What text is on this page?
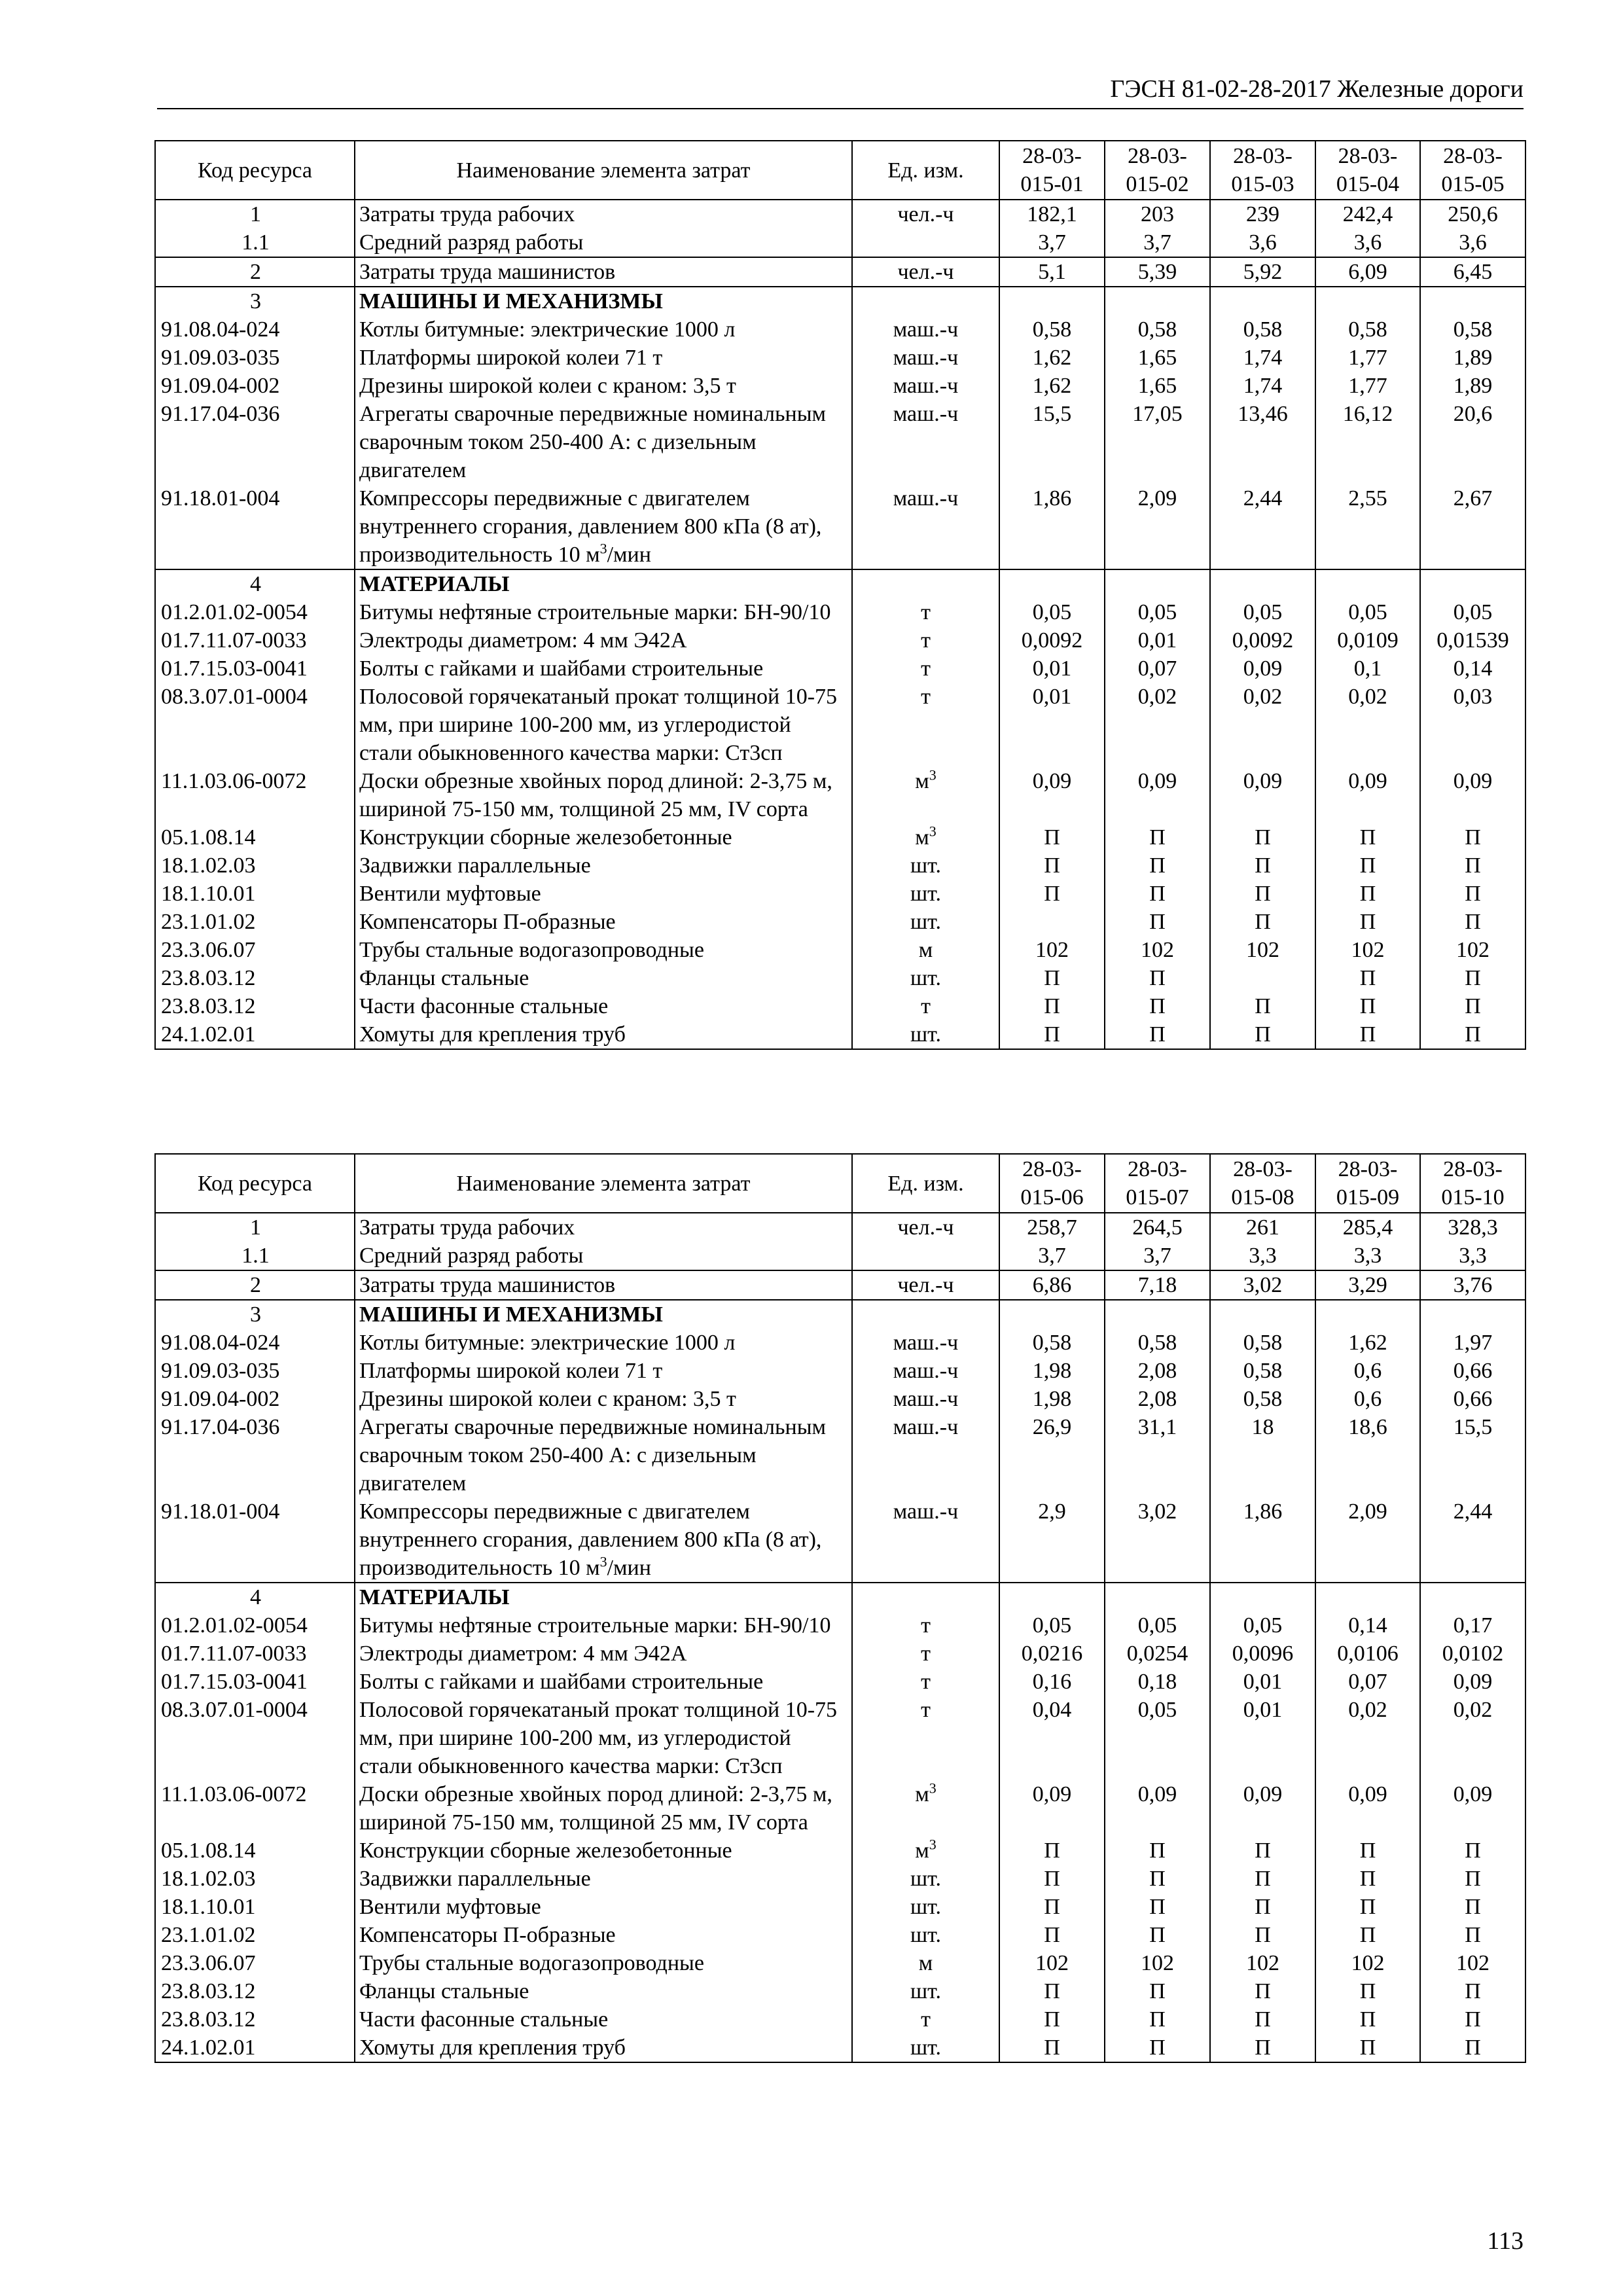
ГЭСН 81-02-28-2017 Железные дороги
Код ресурса	Наименование элемента затрат	Ед. изм.	28-03-015-01	28-03-015-02	28-03-015-03	28-03-015-04	28-03-015-05
1	Затраты труда рабочих	чел.-ч	182,1	203	239	242,4	250,6
1.1	Средний разряд работы		3,7	3,7	3,6	3,6	3,6
2	Затраты труда машинистов	чел.-ч	5,1	5,39	5,92	6,09	6,45
3	МАШИНЫ И МЕХАНИЗМЫ						
91.08.04-024	Котлы битумные: электрические 1000 л	маш.-ч	0,58	0,58	0,58	0,58	0,58
91.09.03-035	Платформы широкой колеи 71 т	маш.-ч	1,62	1,65	1,74	1,77	1,89
91.09.04-002	Дрезины широкой колеи с краном: 3,5 т	маш.-ч	1,62	1,65	1,74	1,77	1,89
91.17.04-036	Агрегаты сварочные передвижные номинальным сварочным током 250-400 А: с дизельным двигателем	маш.-ч	15,5	17,05	13,46	16,12	20,6
91.18.01-004	Компрессоры передвижные с двигателем внутреннего сгорания, давлением 800 кПа (8 ат), производительность 10 $м^3$/мин	маш.-ч	1,86	2,09	2,44	2,55	2,67
4	МАТЕРИАЛЫ						
01.2.01.02-0054	Битумы нефтяные строительные марки: БН-90/10	т	0,05	0,05	0,05	0,05	0,05
01.7.11.07-0033	Электроды диаметром: 4 мм Э42А	т	0,0092	0,01	0,0092	0,0109	0,01539
01.7.15.03-0041	Болты с гайками и шайбами строительные	т	0,01	0,07	0,09	0,1	0,14
08.3.07.01-0004	Полосовой горячекатаный прокат толщиной 10-75 мм, при ширине 100-200 мм, из углеродистой стали обыкновенного качества марки: Ст3сп	т	0,01	0,02	0,02	0,02	0,03
11.1.03.06-0072	Доски обрезные хвойных пород длиной: 2-3,75 м, шириной 75-150 мм, толщиной 25 мм, IV сорта	$м^3$	0,09	0,09	0,09	0,09	0,09
05.1.08.14	Конструкции сборные железобетонные	$м^3$	П	П	П	П	П
18.1.02.03	Задвижки параллельные	шт.	П	П	П	П	П
18.1.10.01	Вентили муфтовые	шт.	П	П	П	П	П
23.1.01.02	Компенсаторы П-образные	шт.		П	П	П	П
23.3.06.07	Трубы стальные водогазопроводные	м	102	102	102	102	102
23.8.03.12	Фланцы стальные	шт.	П	П		П	П
23.8.03.12	Части фасонные стальные	т	П	П	П	П	П
24.1.02.01	Хомуты для крепления труб	шт.	П	П	П	П	П
Код ресурса	Наименование элемента затрат	Ед. изм.	28-03-015-06	28-03-015-07	28-03-015-08	28-03-015-09	28-03-015-10
1	Затраты труда рабочих	чел.-ч	258,7	264,5	261	285,4	328,3
1.1	Средний разряд работы		3,7	3,7	3,3	3,3	3,3
2	Затраты труда машинистов	чел.-ч	6,86	7,18	3,02	3,29	3,76
3	МАШИНЫ И МЕХАНИЗМЫ						
91.08.04-024	Котлы битумные: электрические 1000 л	маш.-ч	0,58	0,58	0,58	1,62	1,97
91.09.03-035	Платформы широкой колеи 71 т	маш.-ч	1,98	2,08	0,58	0,6	0,66
91.09.04-002	Дрезины широкой колеи с краном: 3,5 т	маш.-ч	1,98	2,08	0,58	0,6	0,66
91.17.04-036	Агрегаты сварочные передвижные номинальным сварочным током 250-400 А: с дизельным двигателем	маш.-ч	26,9	31,1	18	18,6	15,5
91.18.01-004	Компрессоры передвижные с двигателем внутреннего сгорания, давлением 800 кПа (8 ат), производительность 10 $м^3$/мин	маш.-ч	2,9	3,02	1,86	2,09	2,44
4	МАТЕРИАЛЫ						
01.2.01.02-0054	Битумы нефтяные строительные марки: БН-90/10	т	0,05	0,05	0,05	0,14	0,17
01.7.11.07-0033	Электроды диаметром: 4 мм Э42А	т	0,0216	0,0254	0,0096	0,0106	0,0102
01.7.15.03-0041	Болты с гайками и шайбами строительные	т	0,16	0,18	0,01	0,07	0,09
08.3.07.01-0004	Полосовой горячекатаный прокат толщиной 10-75 мм, при ширине 100-200 мм, из углеродистой стали обыкновенного качества марки: Ст3сп	т	0,04	0,05	0,01	0,02	0,02
11.1.03.06-0072	Доски обрезные хвойных пород длиной: 2-3,75 м, шириной 75-150 мм, толщиной 25 мм, IV сорта	$м^3$	0,09	0,09	0,09	0,09	0,09
05.1.08.14	Конструкции сборные железобетонные	$м^3$	П	П	П	П	П
18.1.02.03	Задвижки параллельные	шт.	П	П	П	П	П
18.1.10.01	Вентили муфтовые	шт.	П	П	П	П	П
23.1.01.02	Компенсаторы П-образные	шт.	П	П	П	П	П
23.3.06.07	Трубы стальные водогазопроводные	м	102	102	102	102	102
23.8.03.12	Фланцы стальные	шт.	П	П	П	П	П
23.8.03.12	Части фасонные стальные	т	П	П	П	П	П
24.1.02.01	Хомуты для крепления труб	шт.	П	П	П	П	П
113
